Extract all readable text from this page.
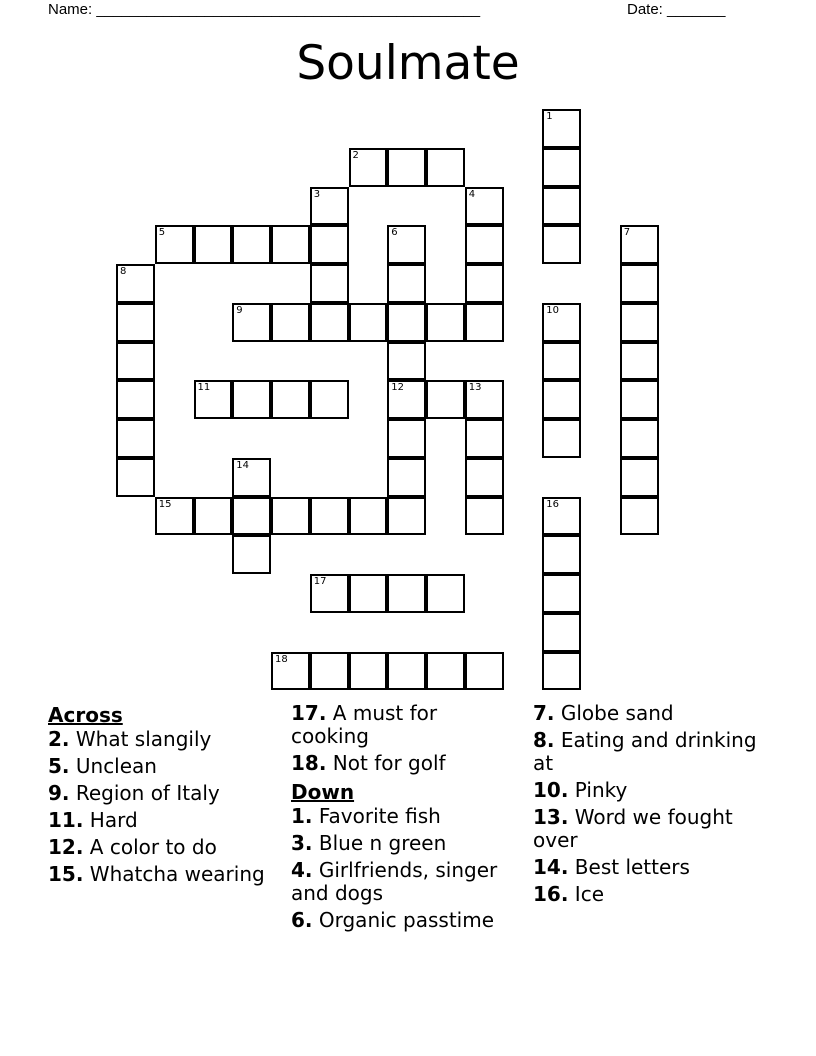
Name: ______________________________________________	Date: _______
Soulmate
1
2
3	4
5	6
12
7
8
9	10
11	13
14
15	16
17
18
Across
2. What slangily
5. Unclean
9. Region of Italy
11. Hard
12. A color to do
15. Whatcha wearing
17. A must for cooking
18. Not for golf
Down
1. Favorite fish
3. Blue n green
4. Girlfriends, singer and dogs
6. Organic passtime
7. Globe sand
8. Eating and drinking at
10. Pinky
13. Word we fought over
14. Best letters
16. Ice
